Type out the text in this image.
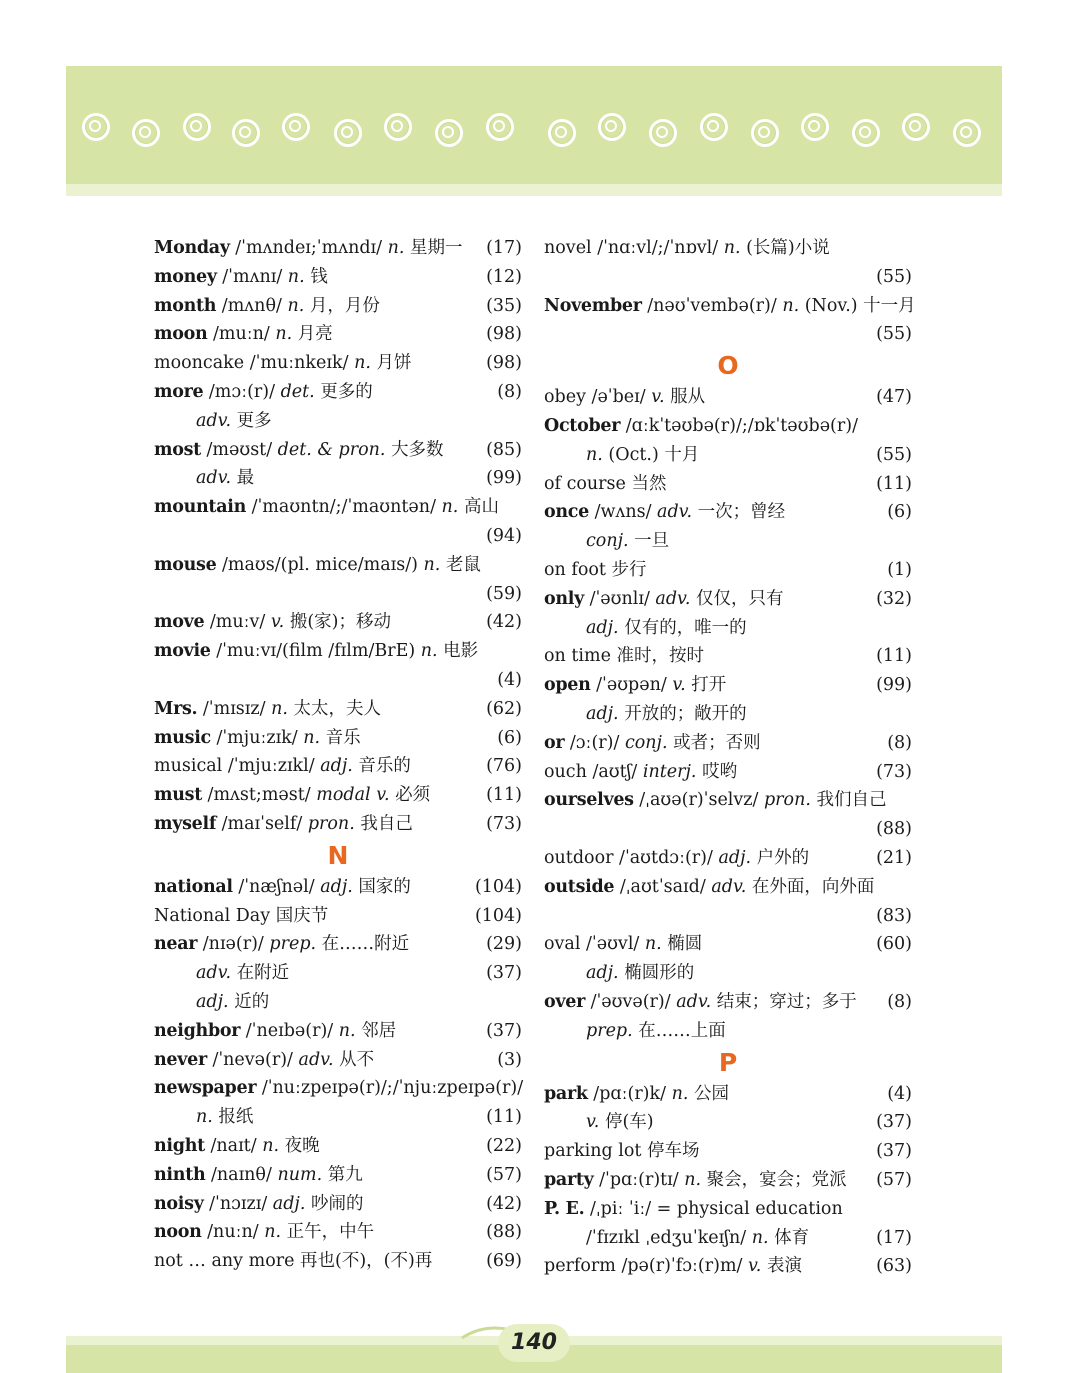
Monday /ˈmʌndeɪ;ˈmʌndɪ/ n. 星期一 (17)
money /ˈmʌnɪ/ n. 钱	(12)
month /mʌnθ/ n. 月，月份	(35)
moon /muːn/ n. 月亮	(98)
mooncake /ˈmuːnkeɪk/ n. 月饼	(98)
more /mɔː(r)/ det. 更多的	(8)
adv. 更多
most /məʊst/ det. & pron. 大多数 (85)
adv. 最	(99)
mountain /ˈmaʊntn/;/ˈmaʊntən/ n. 高山
(94)
mouse /maʊs/(pl. mice/maɪs/) n. 老鼠
(59)
move /muːv/ v. 搬(家)；移动	(42)
movie /ˈmuːvɪ/(film /fɪlm/BrE) n. 电影
(4)
Mrs. /ˈmɪsɪz/ n. 太太，夫人	(62)
music /ˈmjuːzɪk/ n. 音乐	(6)
musical /ˈmjuːzɪkl/ adj. 音乐的	(76)
must /mʌst;məst/ modal v. 必须	(11)
myself /maɪˈself/ pron. 我自己	(73)
N
national /ˈnæʃnəl/ adj. 国家的	(104)
National Day 国庆节	(104)
near /nɪə(r)/ prep. 在……附近	(29)
adv. 在附近	(37)
adj. 近的
neighbor /ˈneɪbə(r)/ n. 邻居	(37)
never /ˈnevə(r)/ adv. 从不	(3)
newspaper /ˈnuːzpeɪpə(r)/;/ˈnjuːzpeɪpə(r)/
n. 报纸	(11)
night /naɪt/ n. 夜晚	(22)
ninth /naɪnθ/ num. 第九	(57)
noisy /ˈnɔɪzɪ/ adj. 吵闹的	(42)
noon /nuːn/ n. 正午，中午	(88)
not … any more 再也(不)，(不)再	(69)
novel /ˈnɑːvl/;/ˈnɒvl/ n. (长篇)小说
(55)
November /nəʊˈvembə(r)/ n. (Nov.) 十一月
(55)
O
obey /əˈbeɪ/ v. 服从	(47)
October /ɑːkˈtəʊbə(r)/;/ɒkˈtəʊbə(r)/
n. (Oct.) 十月	(55)
of course 当然	(11)
once /wʌns/ adv. 一次；曾经	(6)
conj. 一旦
on foot 步行	(1)
only /ˈəʊnlɪ/ adv. 仅仅，只有	(32)
adj. 仅有的，唯一的
on time 准时，按时	(11)
open /ˈəʊpən/ v. 打开	(99)
adj. 开放的；敞开的
or /ɔː(r)/ conj. 或者；否则	(8)
ouch /aʊtʃ/ interj. 哎哟	(73)
ourselves /ˌaʊə(r)ˈselvz/ pron. 我们自己
(88)
outdoor /ˈaʊtdɔː(r)/ adj. 户外的	(21)
outside /ˌaʊtˈsaɪd/ adv. 在外面，向外面
(83)
oval /ˈəʊvl/ n. 椭圆	(60)
adj. 椭圆形的
over /ˈəʊvə(r)/ adv. 结束；穿过；多于 (8)
prep. 在……上面
P
park /pɑː(r)k/ n. 公园	(4)
v. 停(车)	(37)
parking lot 停车场	(37)
party /ˈpɑː(r)tɪ/ n. 聚会，宴会；党派 (57)
P. E. /ˌpiː ˈiː/ = physical education
/ˈfɪzɪkl ˌedʒuˈkeɪʃn/ n. 体育	(17)
perform /pə(r)ˈfɔː(r)m/ v. 表演	(63)
140
